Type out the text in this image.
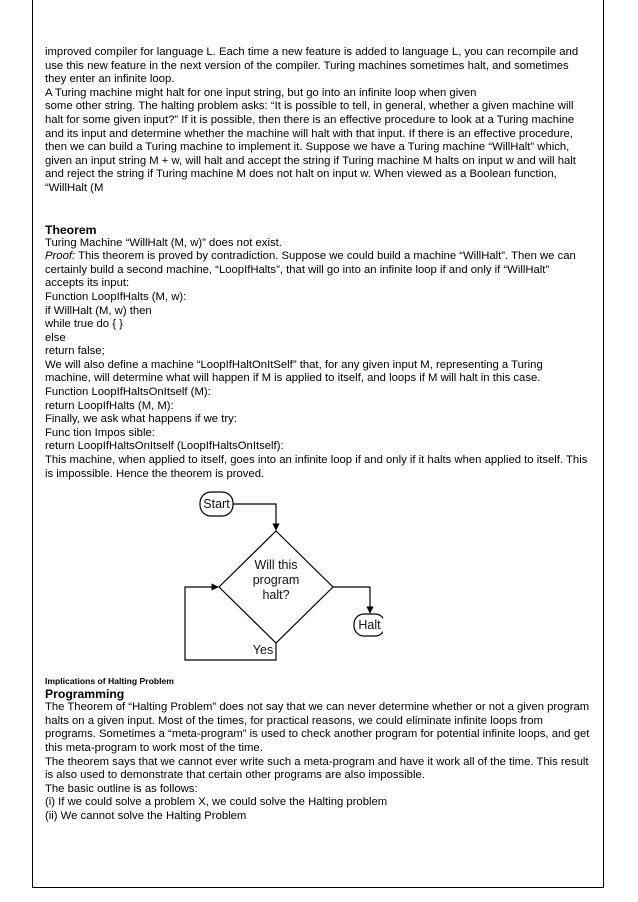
improved compiler for language L. Each time a new feature is added to language L, you can recompile and use this new feature in the next version of the compiler. Turing machines sometimes halt, and sometimes they enter an infinite loop.

A Turing machine might halt for one input string, but go into an infinite loop when given

some other string. The halting problem asks: “It is possible to tell, in general, whether a given machine will halt for some given input?” If it is possible, then there is an effective procedure to look at a Turing machine and its input and determine whether the machine will halt with that input. If there is an effective procedure, then we can build a Turing machine to implement it. Suppose we have a Turing machine “WillHalt” which, given an input string M + w, will halt and accept the string if Turing machine M halts on input w and will halt and reject the string if Turing machine M does not halt on input w. When viewed as a Boolean function, “WillHalt (M

Theorem

Turing Machine “WillHalt (M, w)” does not exist.

Proof: This theorem is proved by contradiction. Suppose we could build a machine “WillHalt”. Then we can certainly build a second machine, “LoopIfHalts”, that will go into an infinite loop if and only if “WillHalt” accepts its input:

Function LoopIfHalts (M, w):

if WillHalt (M, w) then

while true do { }

else

return false;

We will also define a machine “LoopIfHaltOnItSelf” that, for any given input M, representing a Turing machine, will determine what will happen if M is applied to itself, and loops if M will halt in this case.

Function LoopIfHaltsOnItself (M):

return LoopIfHalts (M, M):

Finally, we ask what happens if we try:

Func tion Impos sible:

return LoopIfHaltsOnItself (LoopIfHaltsOnItself):

This machine, when applied to itself, goes into an infinite loop if and only if it halts when applied to itself. This is impossible. Hence the theorem is proved.

Start
Will this
program
halt?
Halt
Yes

Implications of Halting Problem

Programming

The Theorem of “Halting Problem” does not say that we can never determine whether or not a given program halts on a given input. Most of the times, for practical reasons, we could eliminate infinite loops from programs. Sometimes a “meta-program” is used to check another program for potential infinite loops, and get this meta-program to work most of the time.

The theorem says that we cannot ever write such a meta-program and have it work all of the time. This result is also used to demonstrate that certain other programs are also impossible.

The basic outline is as follows:

(i) If we could solve a problem X, we could solve the Halting problem

(ii) We cannot solve the Halting Problem
